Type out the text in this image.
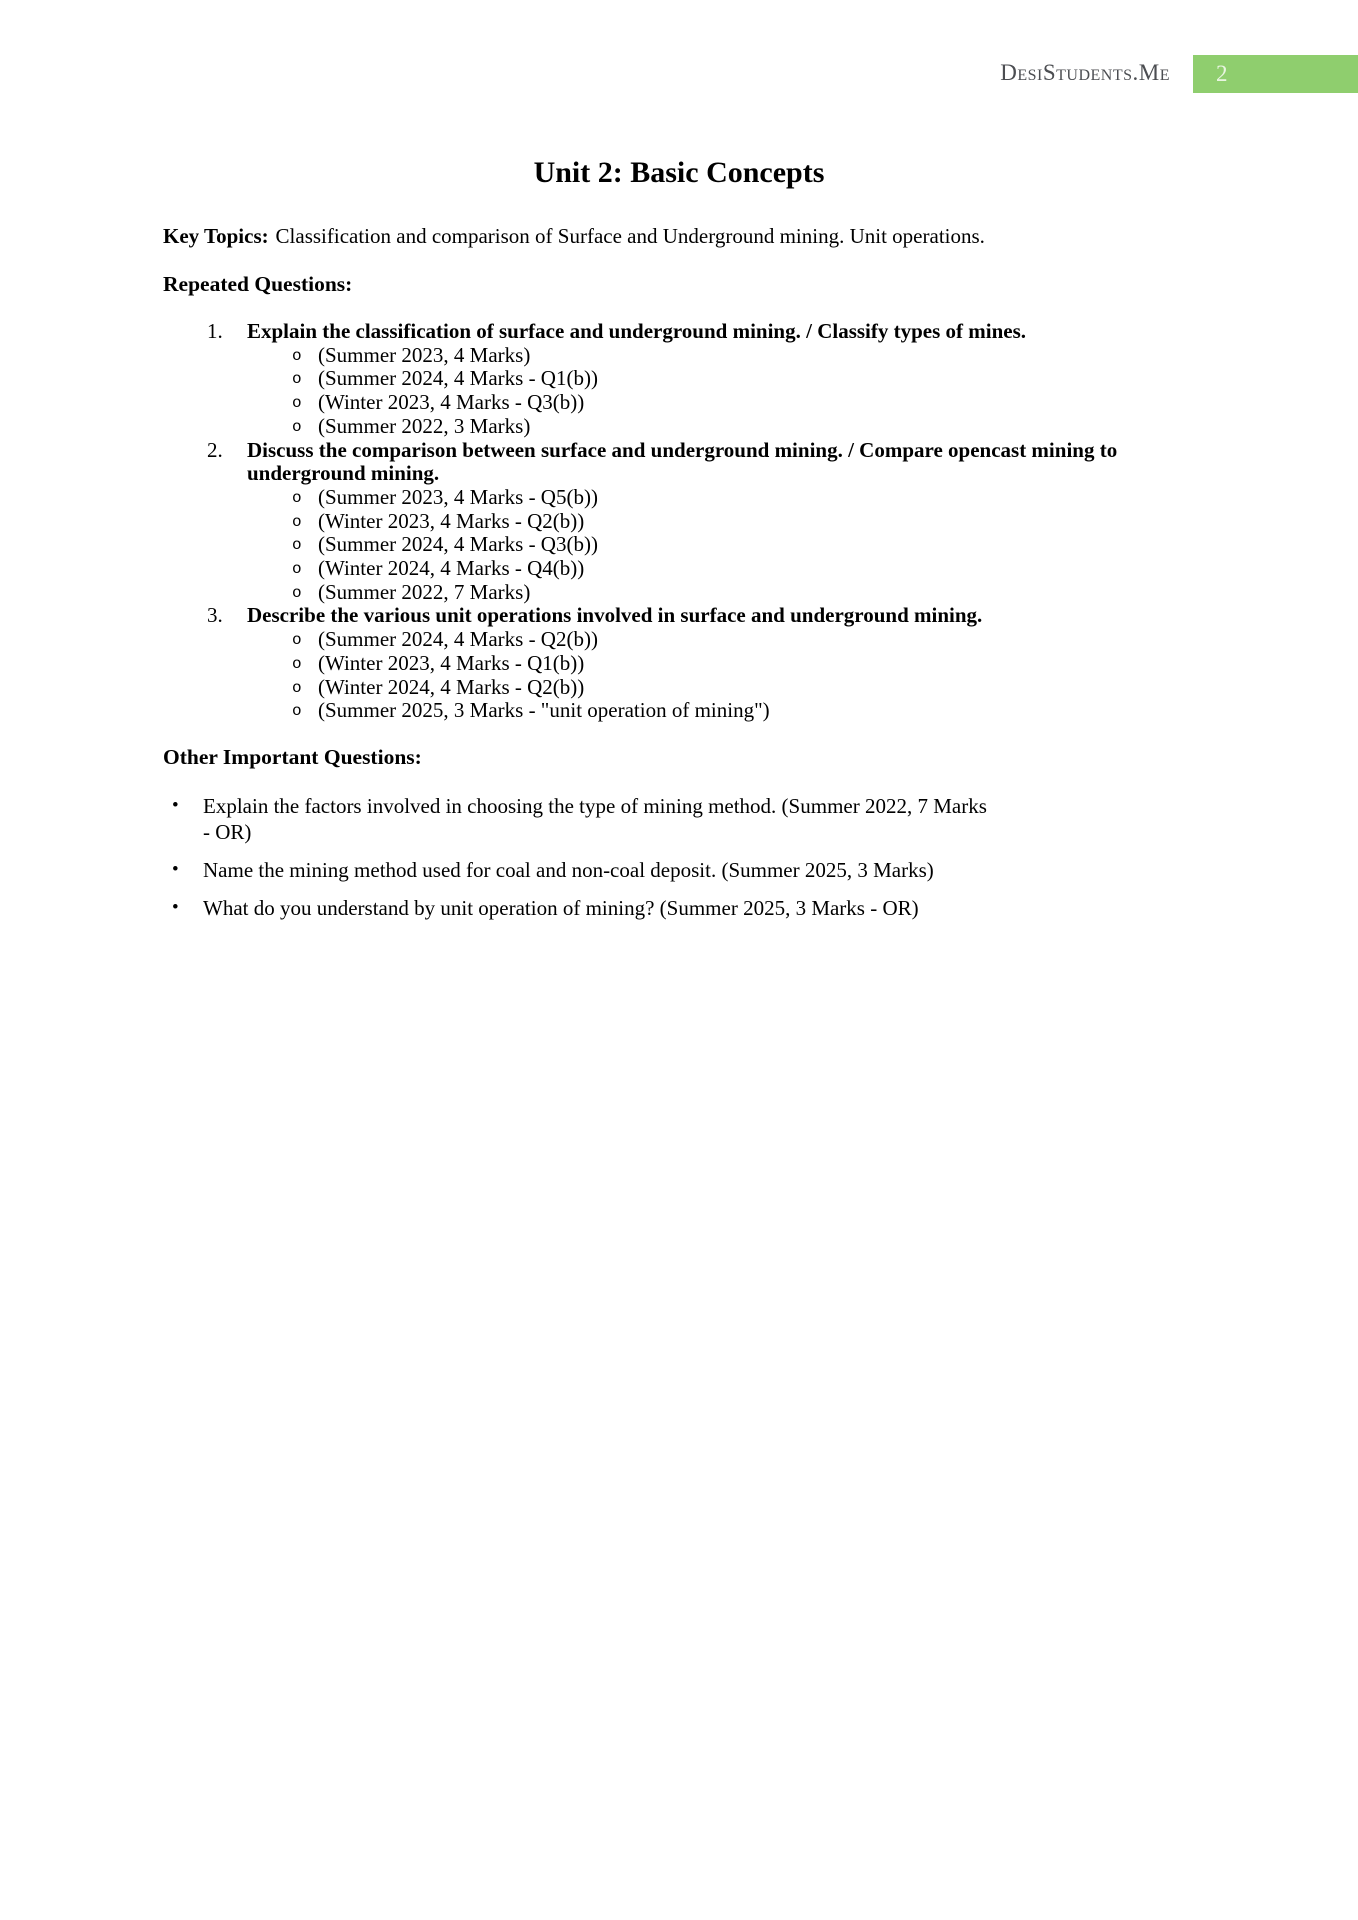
DesiStudents.Me	2
Unit 2: Basic Concepts

Key Topics: Classification and comparison of Surface and Underground mining. Unit operations.

Repeated Questions:
1.	Explain the classification of surface and underground mining. / Classify types of mines.
o (Summer 2023, 4 Marks)
o (Summer 2024, 4 Marks - Q1(b))
o (Winter 2023, 4 Marks - Q3(b))
o (Summer 2022, 3 Marks)
2.	Discuss the comparison between surface and underground mining. / Compare opencast mining to underground mining.
o (Summer 2023, 4 Marks - Q5(b))
o (Winter 2023, 4 Marks - Q2(b))
o (Summer 2024, 4 Marks - Q3(b))
o (Winter 2024, 4 Marks - Q4(b))
o (Summer 2022, 7 Marks)
3.	Describe the various unit operations involved in surface and underground mining.
o (Summer 2024, 4 Marks - Q2(b))
o (Winter 2023, 4 Marks - Q1(b))
o (Winter 2024, 4 Marks - Q2(b))
o (Summer 2025, 3 Marks - "unit operation of mining")
Other Important Questions:
• Explain the factors involved in choosing the type of mining method. (Summer 2022, 7 Marks - OR)
• Name the mining method used for coal and non-coal deposit. (Summer 2025, 3 Marks)
• What do you understand by unit operation of mining? (Summer 2025, 3 Marks - OR)
